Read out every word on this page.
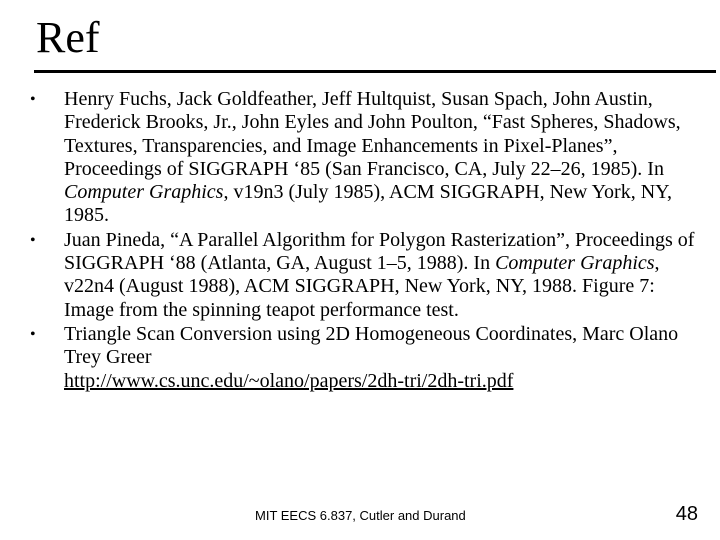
Ref
•	Henry Fuchs, Jack Goldfeather, Jeff Hultquist, Susan Spach, John Austin, Frederick Brooks, Jr., John Eyles and John Poulton, “Fast Spheres, Shadows, Textures, Transparencies, and Image Enhancements in Pixel-Planes”, Proceedings of SIGGRAPH ‘85 (San Francisco, CA, July 22–26, 1985). In Computer Graphics, v19n3 (July 1985), ACM SIGGRAPH, New York, NY, 1985.
•	Juan Pineda, “A Parallel Algorithm for Polygon Rasterization”, Proceedings of SIGGRAPH ‘88 (Atlanta, GA, August 1–5, 1988). In Computer Graphics, v22n4 (August 1988), ACM SIGGRAPH, New York, NY, 1988. Figure 7: Image from the spinning teapot performance test.
•	Triangle Scan Conversion using 2D Homogeneous Coordinates, Marc Olano Trey Greer
http://www.cs.unc.edu/~olano/papers/2dh-tri/2dh-tri.pdf
MIT EECS 6.837, Cutler and Durand	48
